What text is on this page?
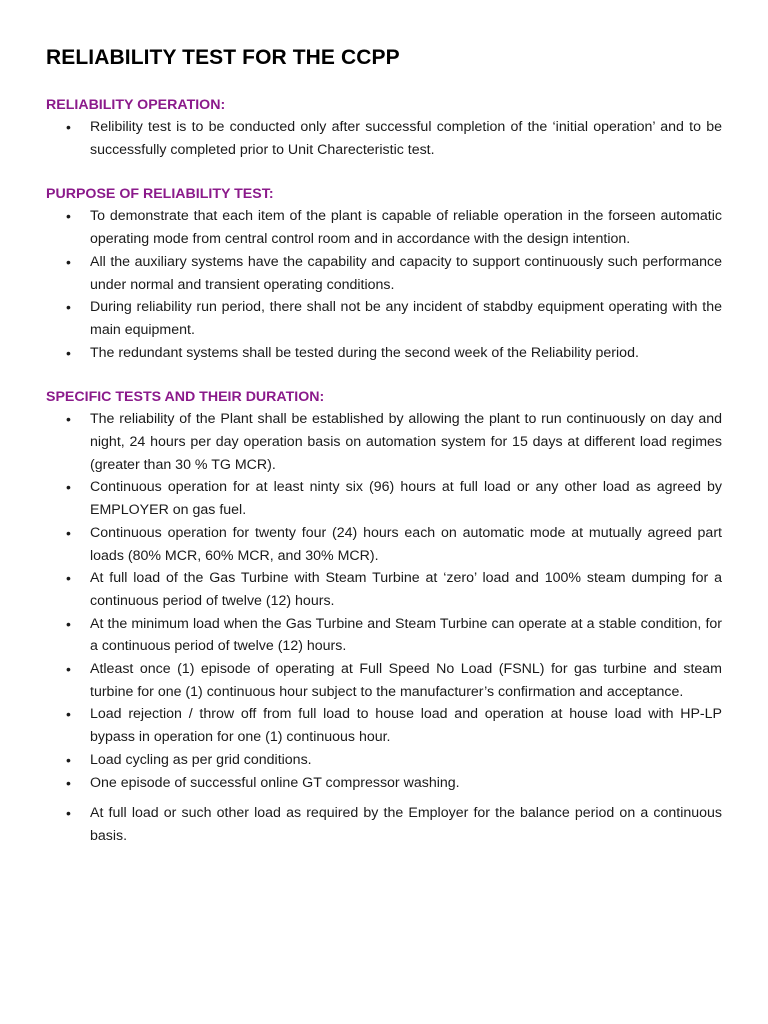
RELIABILITY TEST FOR THE CCPP
RELIABILITY OPERATION:
• Relibility test is to be conducted only after successful completion of the ‘initial operation’ and to be successfully completed prior to Unit Charecteristic test.
PURPOSE OF RELIABILITY TEST:
• To demonstrate that each item of the plant is capable of reliable operation in the forseen automatic operating mode from central control room and in accordance with the design intention.
• All the auxiliary systems have the capability and capacity to support continuously such performance under normal and transient operating conditions.
• During reliability run period, there shall not be any incident of stabdby equipment operating with the main equipment.
• The redundant systems shall be tested during the second week of the Reliability period.
SPECIFIC TESTS AND THEIR DURATION:
• The reliability of the Plant shall be established by allowing the plant to run continuously on day and night, 24 hours per day operation basis on automation system for 15 days at different load regimes (greater than 30 % TG MCR).
• Continuous operation for at least ninty six (96) hours at full load or any other load as agreed by EMPLOYER on gas fuel.
• Continuous operation for twenty four (24) hours each on automatic mode at mutually agreed part loads (80% MCR, 60% MCR, and 30% MCR).
• At full load of the Gas Turbine with Steam Turbine at ‘zero’ load and 100% steam dumping for a continuous period of twelve (12) hours.
• At the minimum load when the Gas Turbine and Steam Turbine can operate at a stable condition, for a continuous period of twelve (12) hours.
• Atleast once (1) episode of operating at Full Speed No Load (FSNL) for gas turbine and steam turbine for one (1) continuous hour subject to the manufacturer’s confirmation and acceptance.
• Load rejection / throw off from full load to house load and operation at house load with HP-LP bypass in operation for one (1) continuous hour.
• Load cycling as per grid conditions.
• One episode of successful online GT compressor washing.
• At full load or such other load as required by the Employer for the balance period on a continuous basis.
